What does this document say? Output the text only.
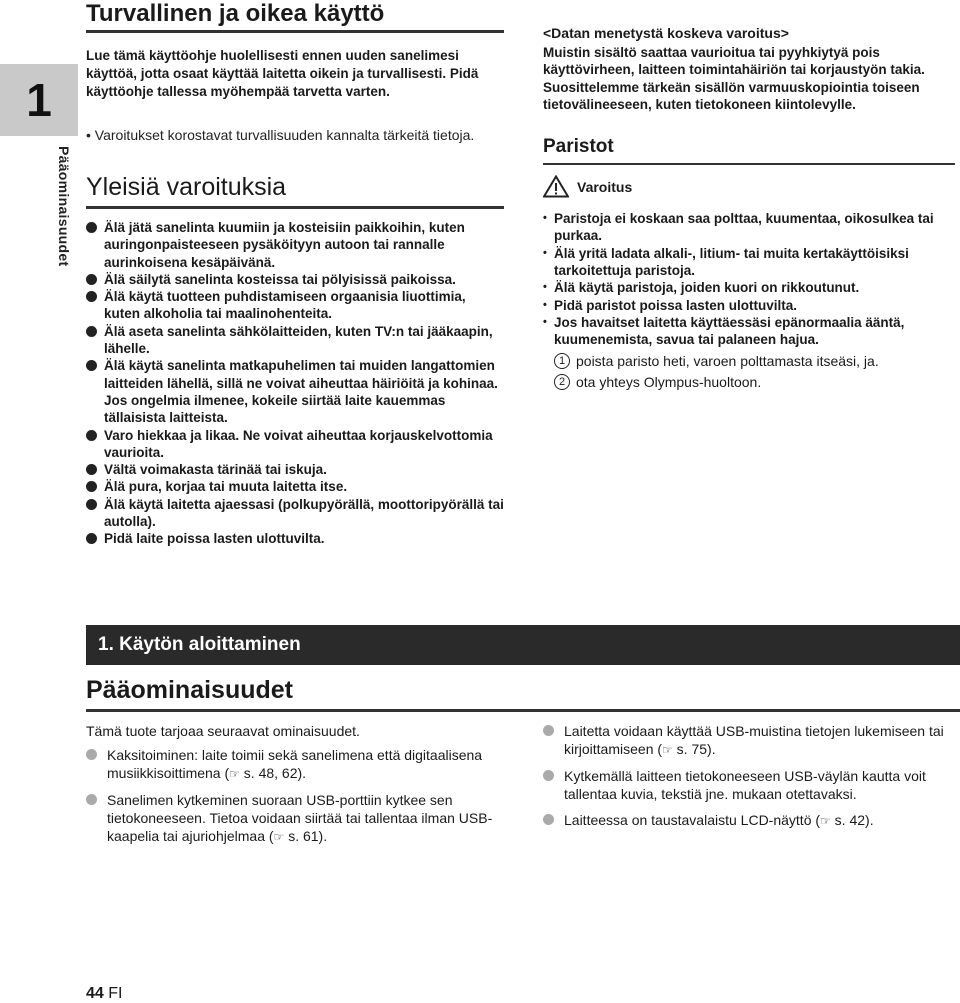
1
Pääominaisuudet
Turvallinen ja oikea käyttö

Lue tämä käyttöohje huolellisesti ennen uuden sanelimesi käyttöä, jotta osaat käyttää laitetta oikein ja turvallisesti. Pidä käyttöohje tallessa myöhempää tarvetta varten.

• Varoitukset korostavat turvallisuuden kannalta tärkeitä tietoja.

Yleisiä varoituksia
Älä jätä sanelinta kuumiin ja kosteisiin paikkoihin, kuten auringonpaisteeseen pysäköityyn autoon tai rannalle aurinkoisena kesäpäivänä.
Älä säilytä sanelinta kosteissa tai pölyisissä paikoissa.
Älä käytä tuotteen puhdistamiseen orgaanisia liuottimia, kuten alkoholia tai maalinohenteita.
Älä aseta sanelinta sähkölaitteiden, kuten TV:n tai jääkaapin, lähelle.
Älä käytä sanelinta matkapuhelimen tai muiden langattomien laitteiden lähellä, sillä ne voivat aiheuttaa häiriöitä ja kohinaa. Jos ongelmia ilmenee, kokeile siirtää laite kauemmas tällaisista laitteista.
Varo hiekkaa ja likaa. Ne voivat aiheuttaa korjauskelvottomia vaurioita.
Vältä voimakasta tärinää tai iskuja.
Älä pura, korjaa tai muuta laitetta itse.
Älä käytä laitetta ajaessasi (polkupyörällä, moottoripyörällä tai autolla).
Pidä laite poissa lasten ulottuvilta.

<Datan menetystä koskeva varoitus>

Muistin sisältö saattaa vaurioitua tai pyyhkiytyä pois käyttövirheen, laitteen toimintahäiriön tai korjaustyön takia. Suosittelemme tärkeän sisällön varmuuskopiointia toiseen tietovälineeseen, kuten tietokoneen kiintolevylle.

Paristot
Varoitus
• Paristoja ei koskaan saa polttaa, kuumentaa, oikosulkea tai purkaa.
• Älä yritä ladata alkali-, litium- tai muita kertakäyttöisiksi tarkoitettuja paristoja.
• Älä käytä paristoja, joiden kuori on rikkoutunut.
• Pidä paristot poissa lasten ulottuvilta.
• Jos havaitset laitetta käyttäessäsi epänormaalia ääntä, kuumenemista, savua tai palaneen hajua.
1 poista paristo heti, varoen polttamasta itseäsi, ja.
2 ota yhteys Olympus-huoltoon.
1. Käytön aloittaminen
Pääominaisuudet

Tämä tuote tarjoaa seuraavat ominaisuudet.

Kaksitoiminen: laite toimii sekä sanelimena että digitaalisena musiikkisoittimena (☞ s. 48, 62).
Sanelimen kytkeminen suoraan USB-porttiin kytkee sen tietokoneeseen. Tietoa voidaan siirtää tai tallentaa ilman USB-kaapelia tai ajuriohjelmaa (☞ s. 61).
Laitetta voidaan käyttää USB-muistina tietojen lukemiseen tai kirjoittamiseen (☞ s. 75).
Kytkemällä laitteen tietokoneeseen USB-väylän kautta voit tallentaa kuvia, tekstiä jne. mukaan otettavaksi.
Laitteessa on taustavalaistu LCD-näyttö (☞ s. 42).
44 FI
